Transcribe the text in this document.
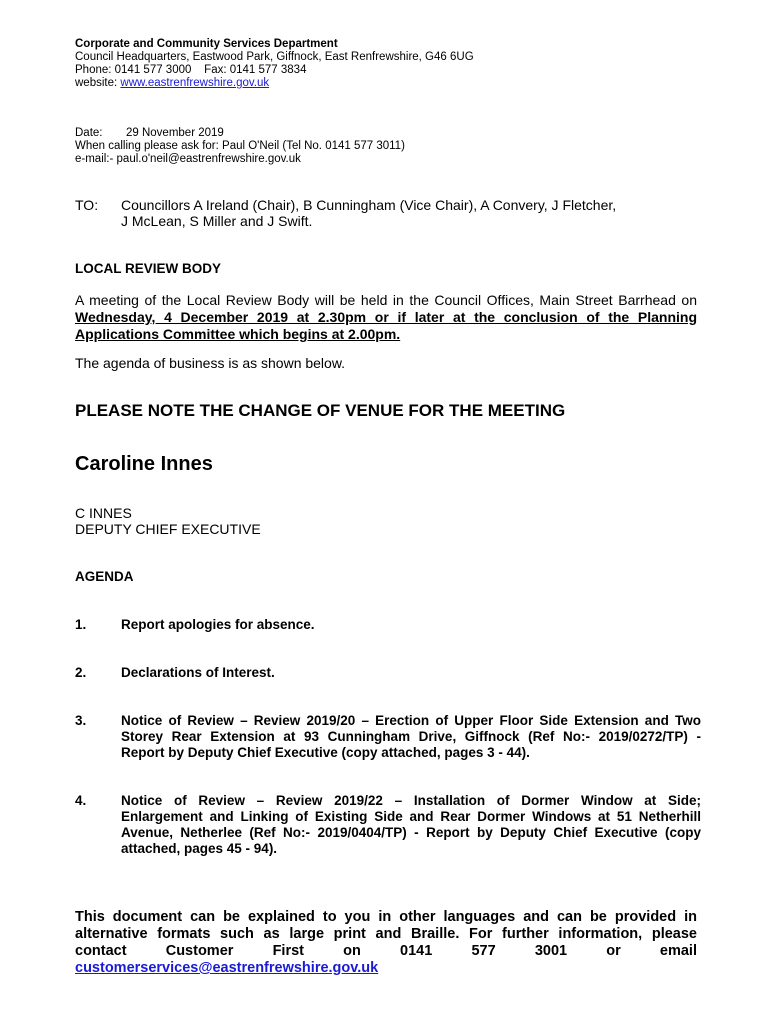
Corporate and Community Services Department
Council Headquarters, Eastwood Park, Giffnock, East Renfrewshire, G46 6UG
Phone: 0141 577 3000    Fax: 0141 577 3834
website: www.eastrenfrewshire.gov.uk
Date: 29 November 2019
When calling please ask for: Paul O'Neil (Tel No. 0141 577 3011)
e-mail:- paul.o'neil@eastrenfrewshire.gov.uk
TO: Councillors A Ireland (Chair), B Cunningham (Vice Chair), A Convery, J Fletcher,
J McLean, S Miller and J Swift.
LOCAL REVIEW BODY
A meeting of the Local Review Body will be held in the Council Offices, Main Street Barrhead on
Wednesday, 4 December 2019 at 2.30pm or if later at the conclusion of the Planning
Applications Committee which begins at 2.00pm.
The agenda of business is as shown below.
PLEASE NOTE THE CHANGE OF VENUE FOR THE MEETING
Caroline Innes
C INNES
DEPUTY CHIEF EXECUTIVE
AGENDA
1.	Report apologies for absence.
2.	Declarations of Interest.
3.	Notice of Review – Review 2019/20 – Erection of Upper Floor Side Extension and Two
Storey Rear Extension at 93 Cunningham Drive, Giffnock (Ref No:- 2019/0272/TP) -
Report by Deputy Chief Executive (copy attached, pages 3 - 44).
4.	Notice of Review – Review 2019/22 – Installation of Dormer Window at Side;
Enlargement and Linking of Existing Side and Rear Dormer Windows at 51 Netherhill
Avenue, Netherlee (Ref No:- 2019/0404/TP) - Report by Deputy Chief Executive (copy
attached, pages 45 - 94).
This document can be explained to you in other languages and can be provided in
alternative formats such as large print and Braille. For further information, please
contact     Customer     First     on     0141     577     3001     or     email
customerservices@eastrenfrewshire.gov.uk
